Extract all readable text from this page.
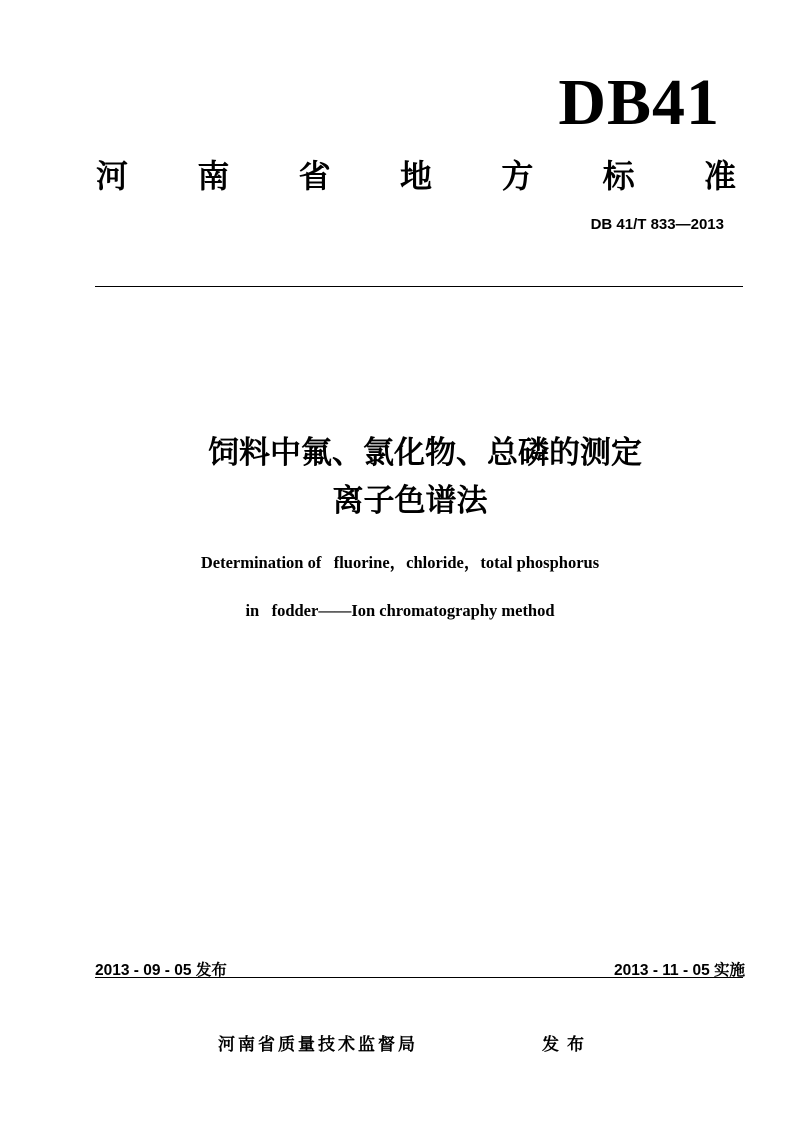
DB41
河 南 省 地 方 标 准
DB 41/T 833—2013
饲料中氟、氯化物、总磷的测定
离子色谱法
Determination of   fluorine，chloride，total phosphorus
in   fodder——Ion chromatography method
2013 - 09 - 05 发布	2013 - 11 - 05 实施
河南省质量技术监督局	发布
